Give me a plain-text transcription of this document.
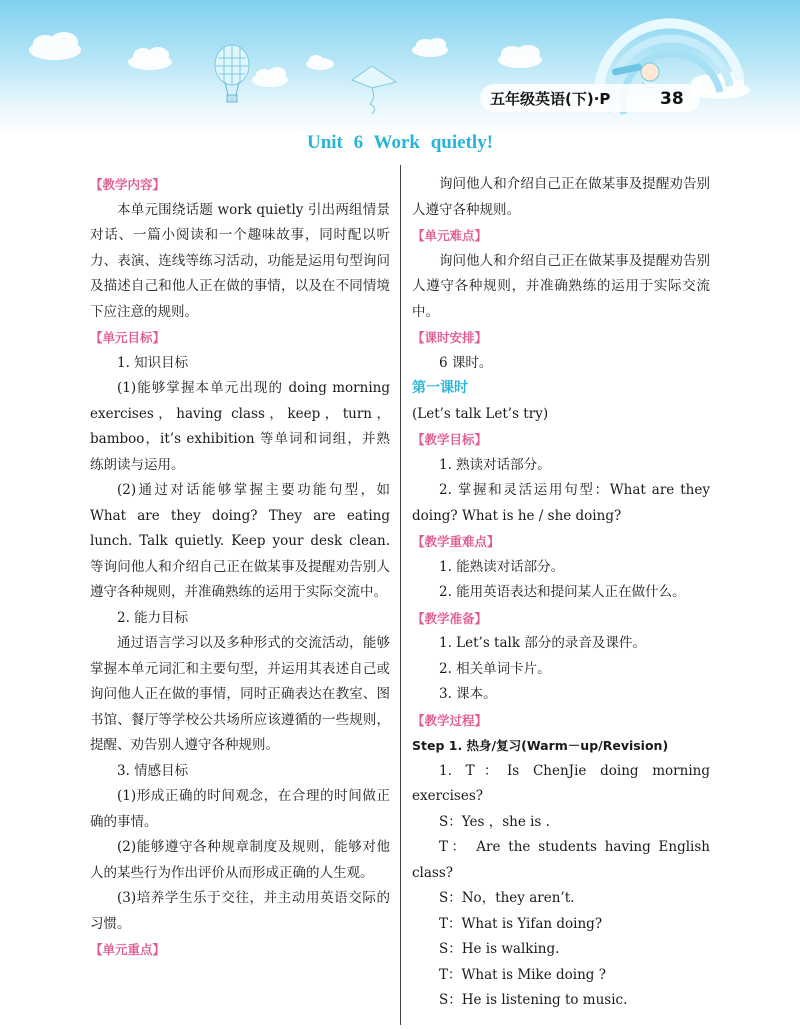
五年级英语(下)·P	38
Unit 6 Work quietly!

【教学内容】

本单元围绕话题 work quietly 引出两组情景对话、一篇小阅读和一个趣味故事，同时配以听力、表演、连线等练习活动，功能是运用句型询问及描述自己和他人正在做的事情，以及在不同情境下应注意的规则。

【单元目标】

1. 知识目标

(1)能够掌握本单元出现的 doing morning exercises，having class，keep，turn，bamboo，it’s exhibition 等单词和词组，并熟练朗读与运用。

(2)通过对话能够掌握主要功能句型，如 What are they doing? They are eating lunch. Talk quietly. Keep your desk clean. 等询问他人和介绍自己正在做某事及提醒劝告别人遵守各种规则，并准确熟练的运用于实际交流中。

2. 能力目标

通过语言学习以及多种形式的交流活动，能够掌握本单元词汇和主要句型，并运用其表述自己或询问他人正在做的事情，同时正确表达在教室、图书馆、餐厅等学校公共场所应该遵循的一些规则，提醒、劝告别人遵守各种规则。

3. 情感目标

(1)形成正确的时间观念，在合理的时间做正确的事情。

(2)能够遵守各种规章制度及规则，能够对他人的某些行为作出评价从而形成正确的人生观。

(3)培养学生乐于交往，并主动用英语交际的习惯。

【单元重点】

询问他人和介绍自己正在做某事及提醒劝告别人遵守各种规则。

【单元难点】

询问他人和介绍自己正在做某事及提醒劝告别人遵守各种规则，并准确熟练的运用于实际交流中。

【课时安排】

6 课时。

第一课时

(Let’s talk Let’s try)

【教学目标】

1. 熟读对话部分。

2. 掌握和灵活运用句型：What are they doing? What is he / she doing?

【教学重难点】

1. 能熟读对话部分。

2. 能用英语表达和提问某人正在做什么。

【教学准备】

1. Let’s talk 部分的录音及课件。

2. 相关单词卡片。

3. 课本。

【教学过程】

Step 1. 热身/复习(Warm－up/Revision)

1. T：Is ChenJie doing morning exercises?

S：Yes ，she is .

T： Are the students having English class?

S：No，they aren’t.

T：What is Yifan doing?

S：He is walking.

T：What is Mike doing ?

S：He is listening to music.
